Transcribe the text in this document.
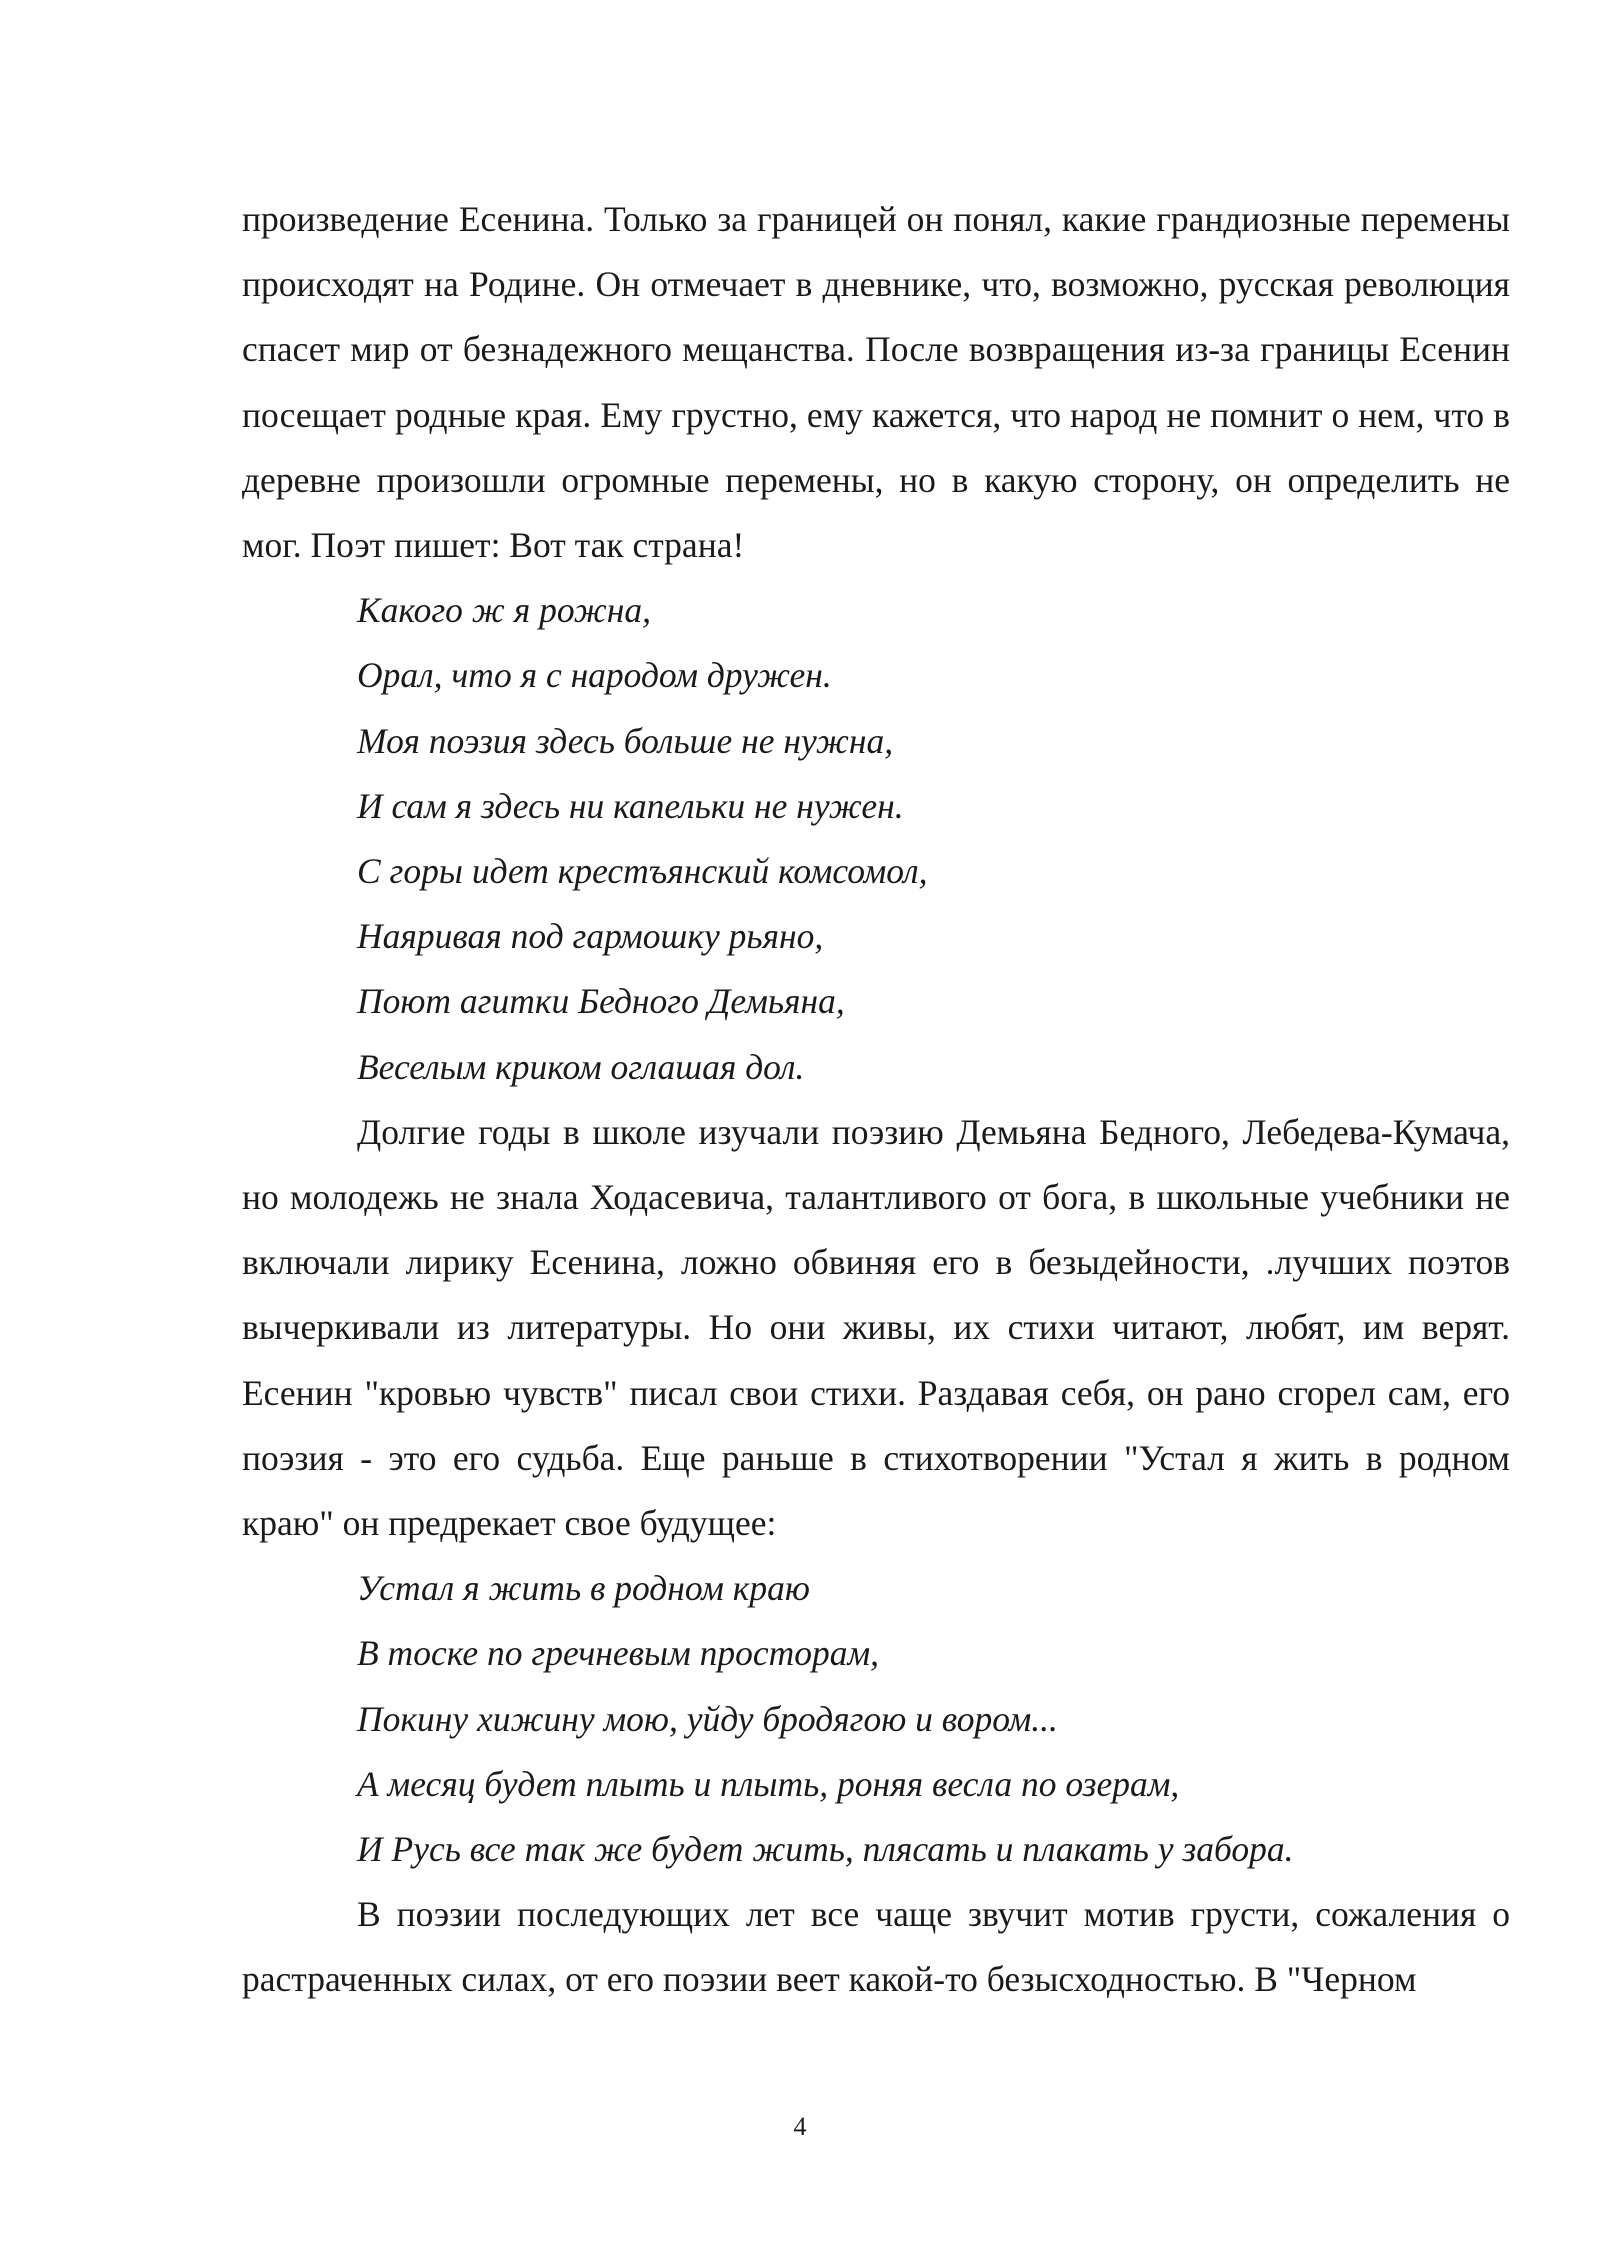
произведение Есенина. Только за границей он понял, какие грандиозные перемены происходят на Родине. Он отмечает в дневнике, что, возможно, русская революция спасет мир от безнадежного мещанства. После возвращения из-за границы Есенин посещает родные края. Ему грустно, ему кажется, что народ не помнит о нем, что в деревне произошли огромные перемены, но в какую сторону, он определить не мог. Поэт пишет: Вот так страна!

Какого ж я рожна,

Орал, что я с народом дружен.

Моя поэзия здесь больше не нужна,

И сам я здесь ни капельки не нужен.

С горы идет крестъянский комсомол,

Наяривая под гармошку рьяно,

Поют агитки Бедного Демьяна,

Веселым криком оглашая дол.

Долгие годы в школе изучали поэзию Демьяна Бедного, Лебедева-Кумача, но молодежь не знала Ходасевича, талантливого от бога, в школьные учебники не включали лирику Есенина, ложно обвиняя его в безыдейности, .лучших поэтов вычеркивали из литературы. Но они живы, их стихи читают, любят, им верят. Есенин "кровью чувств" писал свои стихи. Раздавая себя, он рано сгорел сам, его поэзия - это его судьба. Еще раньше в стихотворении "Устал я жить в родном краю" он предрекает свое будущее:

Устал я жить в родном краю

В тоске по гречневым просторам,

Покину хижину мою, уйду бродягою и вором...

А месяц будет плыть и плыть, роняя весла по озерам,

И Русь все так же будет жить, плясать и плакать у забора.

В поэзии последующих лет все чаще звучит мотив грусти, сожаления о растраченных силах, от его поэзии веет какой-то безысходностью. В "Черном

4
